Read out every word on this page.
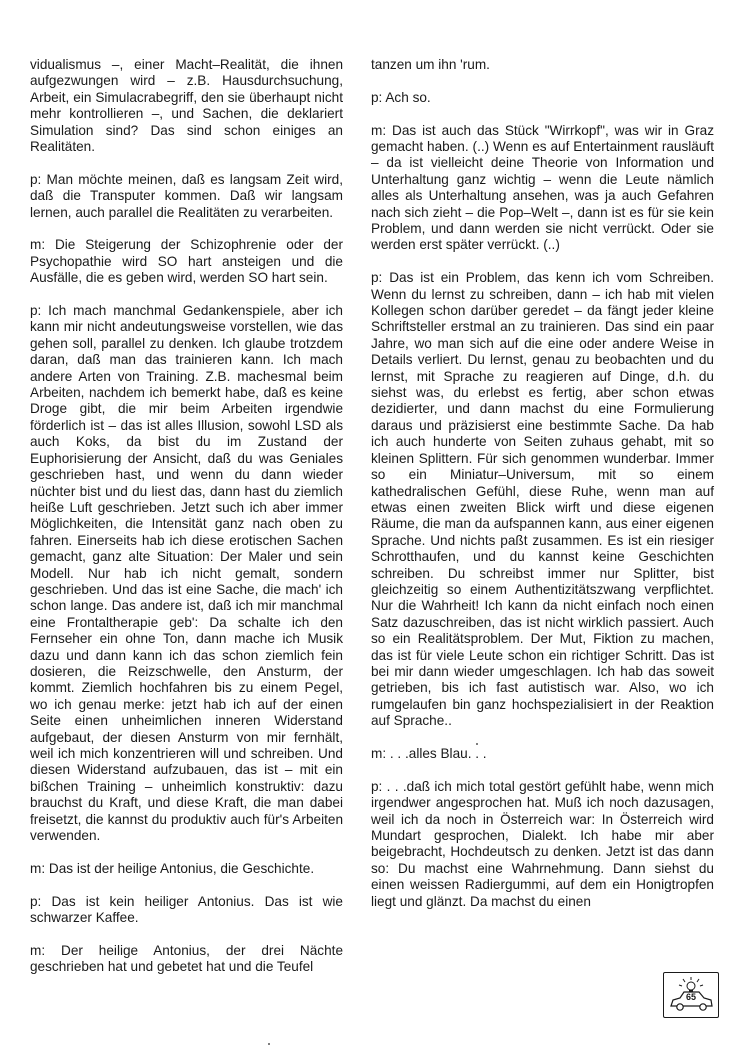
vidualismus –, einer Macht–Realität, die ihnen aufgezwungen wird – z.B. Hausdurchsuchung, Arbeit, ein Simulacrabegriff, den sie überhaupt nicht mehr kontrollieren –, und Sachen, die deklariert Simulation sind? Das sind schon einiges an Realitäten.

p: Man möchte meinen, daß es langsam Zeit wird, daß die Transputer kommen. Daß wir langsam lernen, auch parallel die Realitäten zu verarbeiten.

m: Die Steigerung der Schizophrenie oder der Psychopathie wird SO hart ansteigen und die Ausfälle, die es geben wird, werden SO hart sein.

p: Ich mach manchmal Gedankenspiele, aber ich kann mir nicht andeutungsweise vorstellen, wie das gehen soll, parallel zu denken. Ich glaube trotzdem daran, daß man das trainieren kann. Ich mach andere Arten von Training. Z.B. machesmal beim Arbeiten, nachdem ich bemerkt habe, daß es keine Droge gibt, die mir beim Arbeiten irgendwie förderlich ist – das ist alles Illusion, sowohl LSD als auch Koks, da bist du im Zustand der Euphorisierung der Ansicht, daß du was Geniales geschrieben hast, und wenn du dann wieder nüchter bist und du liest das, dann hast du ziemlich heiße Luft geschrieben. Jetzt such ich aber immer Möglichkeiten, die Intensität ganz nach oben zu fahren. Einerseits hab ich diese erotischen Sachen gemacht, ganz alte Situation: Der Maler und sein Modell. Nur hab ich nicht gemalt, sondern geschrieben. Und das ist eine Sache, die mach' ich schon lange. Das andere ist, daß ich mir manchmal eine Frontaltherapie geb': Da schalte ich den Fernseher ein ohne Ton, dann mache ich Musik dazu und dann kann ich das schon ziemlich fein dosieren, die Reizschwelle, den Ansturm, der kommt. Ziemlich hochfahren bis zu einem Pegel, wo ich genau merke: jetzt hab ich auf der einen Seite einen unheimlichen inneren Widerstand aufgebaut, der diesen Ansturm von mir fernhält, weil ich mich konzentrieren will und schreiben. Und diesen Widerstand aufzubauen, das ist – mit ein bißchen Training – unheimlich konstruktiv: dazu brauchst du Kraft, und diese Kraft, die man dabei freisetzt, die kannst du produktiv auch für's Arbeiten verwenden.

m: Das ist der heilige Antonius, die Geschichte.

p: Das ist kein heiliger Antonius. Das ist wie schwarzer Kaffee.

m: Der heilige Antonius, der drei Nächte geschrieben hat und gebetet hat und die Teufel

tanzen um ihn 'rum.

p: Ach so.

m: Das ist auch das Stück "Wirrkopf", was wir in Graz gemacht haben. (..) Wenn es auf Entertainment rausläuft – da ist vielleicht deine Theorie von Information und Unterhaltung ganz wichtig – wenn die Leute nämlich alles als Unterhaltung ansehen, was ja auch Gefahren nach sich zieht – die Pop–Welt –, dann ist es für sie kein Problem, und dann werden sie nicht verrückt. Oder sie werden erst später verrückt. (..)

p: Das ist ein Problem, das kenn ich vom Schreiben. Wenn du lernst zu schreiben, dann – ich hab mit vielen Kollegen schon darüber geredet – da fängt jeder kleine Schriftsteller erstmal an zu trainieren. Das sind ein paar Jahre, wo man sich auf die eine oder andere Weise in Details verliert. Du lernst, genau zu beobachten und du lernst, mit Sprache zu reagieren auf Dinge, d.h. du siehst was, du erlebst es fertig, aber schon etwas dezidierter, und dann machst du eine Formulierung daraus und präzisierst eine bestimmte Sache. Da hab ich auch hunderte von Seiten zuhaus gehabt, mit so kleinen Splittern. Für sich genommen wunderbar. Immer so ein Miniatur–Universum, mit so einem kathedralischen Gefühl, diese Ruhe, wenn man auf etwas einen zweiten Blick wirft und diese eigenen Räume, die man da aufspannen kann, aus einer eigenen Sprache. Und nichts paßt zusammen. Es ist ein riesiger Schrotthaufen, und du kannst keine Geschichten schreiben. Du schreibst immer nur Splitter, bist gleichzeitig so einem Authentizitätszwang verpflichtet. Nur die Wahrheit! Ich kann da nicht einfach noch einen Satz dazuschreiben, das ist nicht wirklich passiert. Auch so ein Realitätsproblem. Der Mut, Fiktion zu machen, das ist für viele Leute schon ein richtiger Schritt. Das ist bei mir dann wieder umgeschlagen. Ich hab das soweit getrieben, bis ich fast autistisch war. Also, wo ich rumgelaufen bin ganz hochspezialisiert in der Reaktion auf Sprache..

m: . . .alles Blau. . .

p: . . .daß ich mich total gestört gefühlt habe, wenn mich irgendwer angesprochen hat. Muß ich noch dazusagen, weil ich da noch in Österreich war: In Österreich wird Mundart gesprochen, Dialekt. Ich habe mir aber beigebracht, Hochdeutsch zu denken. Jetzt ist das dann so: Du machst eine Wahrnehmung. Dann siehst du einen weissen Radiergummi, auf dem ein Honigtropfen liegt und glänzt. Da machst du einen

65
